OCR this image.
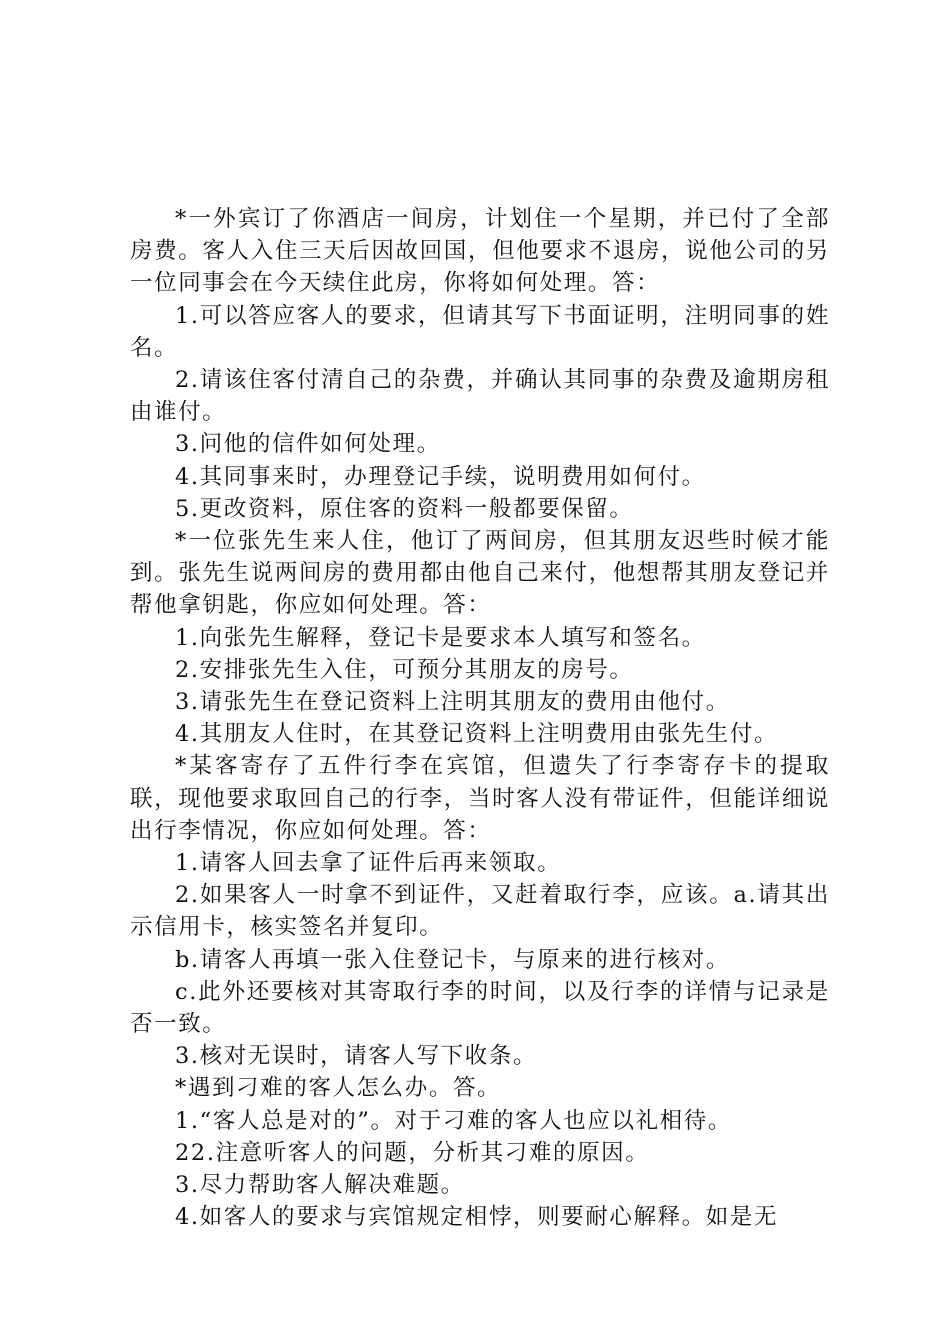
*一外宾订了你酒店一间房，计划住一个星期，并已付了全部房费。客人入住三天后因故回国，但他要求不退房，说他公司的另一位同事会在今天续住此房，你将如何处理。答：

1.可以答应客人的要求，但请其写下书面证明，注明同事的姓名。

2.请该住客付清自己的杂费，并确认其同事的杂费及逾期房租由谁付。

3.问他的信件如何处理。

4.其同事来时，办理登记手续，说明费用如何付。

5.更改资料，原住客的资料一般都要保留。

*一位张先生来人住，他订了两间房，但其朋友迟些时候才能到。张先生说两间房的费用都由他自己来付，他想帮其朋友登记并帮他拿钥匙，你应如何处理。答：

1.向张先生解释，登记卡是要求本人填写和签名。

2.安排张先生入住，可预分其朋友的房号。

3.请张先生在登记资料上注明其朋友的费用由他付。

4.其朋友人住时，在其登记资料上注明费用由张先生付。

*某客寄存了五件行李在宾馆，但遗失了行李寄存卡的提取联，现他要求取回自己的行李，当时客人没有带证件，但能详细说出行李情况，你应如何处理。答：

1.请客人回去拿了证件后再来领取。

2.如果客人一时拿不到证件，又赶着取行李，应该。a.请其出示信用卡，核实签名并复印。

b.请客人再填一张入住登记卡，与原来的进行核对。

c.此外还要核对其寄取行李的时间，以及行李的详情与记录是否一致。

3.核对无误时，请客人写下收条。

*遇到刁难的客人怎么办。答。

1.“客人总是对的”。对于刁难的客人也应以礼相待。

22.注意听客人的问题，分析其刁难的原因。

3.尽力帮助客人解决难题。

4.如客人的要求与宾馆规定相悖，则要耐心解释。如是无
